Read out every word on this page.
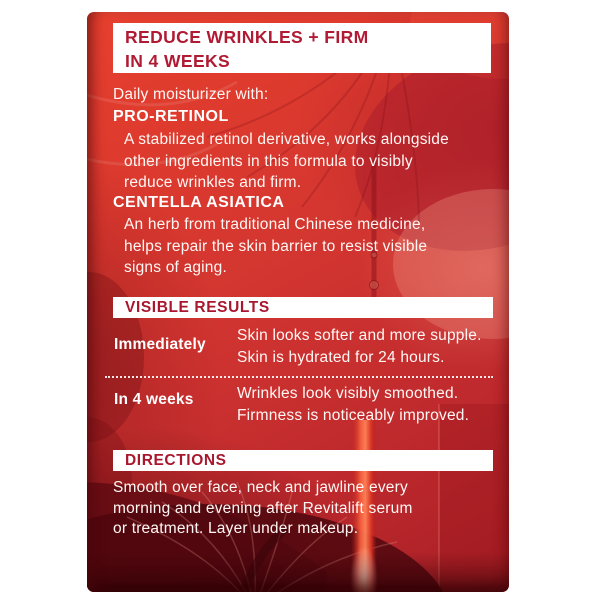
REDUCE WRINKLES + FIRM
IN 4 WEEKS
Daily moisturizer with:
PRO-RETINOL
A stabilized retinol derivative, works alongside
other ingredients in this formula to visibly
reduce wrinkles and firm.
CENTELLA ASIATICA
An herb from traditional Chinese medicine,
helps repair the skin barrier to resist visible
signs of aging.
VISIBLE RESULTS
Immediately
Skin looks softer and more supple.
Skin is hydrated for 24 hours.
In 4 weeks	Wrinkles look visibly smoothed.
Firmness is noticeably improved.
DIRECTIONS
Smooth over face, neck and jawline every
morning and evening after Revitalift serum
or treatment. Layer under makeup.
